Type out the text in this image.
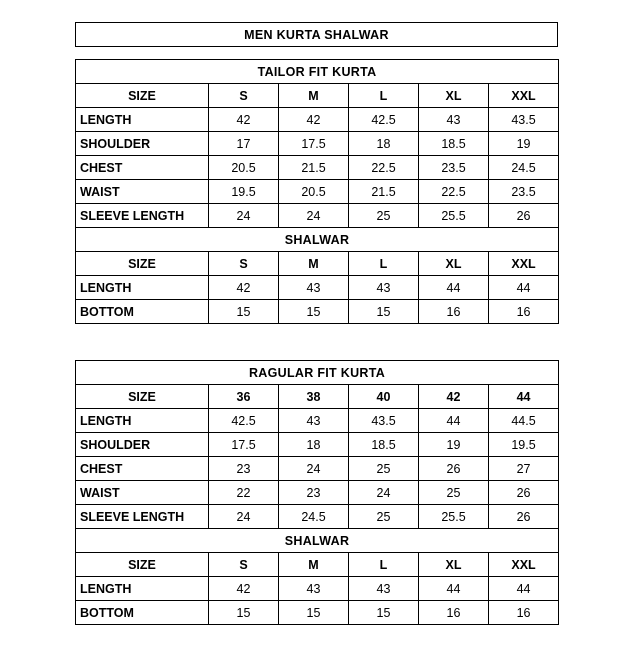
MEN KURTA SHALWAR
TAILOR FIT KURTA					
SIZE	S	M	L	XL	XXL
LENGTH	42	42	42.5	43	43.5
SHOULDER	17	17.5	18	18.5	19
CHEST	20.5	21.5	22.5	23.5	24.5
WAIST	19.5	20.5	21.5	22.5	23.5
SLEEVE LENGTH	24	24	25	25.5	26
SHALWAR					
SIZE	S	M	L	XL	XXL
LENGTH	42	43	43	44	44
BOTTOM	15	15	15	16	16
RAGULAR FIT KURTA					
SIZE	36	38	40	42	44
LENGTH	42.5	43	43.5	44	44.5
SHOULDER	17.5	18	18.5	19	19.5
CHEST	23	24	25	26	27
WAIST	22	23	24	25	26
SLEEVE LENGTH	24	24.5	25	25.5	26
SHALWAR					
SIZE	S	M	L	XL	XXL
LENGTH	42	43	43	44	44
BOTTOM	15	15	15	16	16
